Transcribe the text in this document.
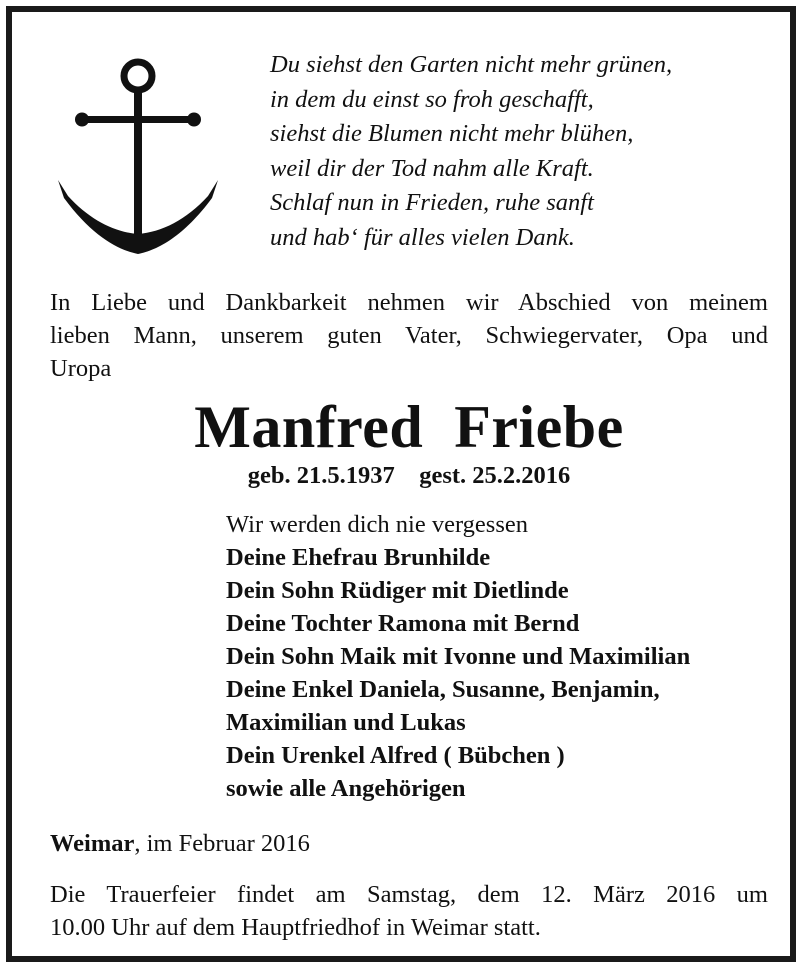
Du siehst den Garten nicht mehr grünen,
in dem du einst so froh geschafft,
siehst die Blumen nicht mehr blühen,
weil dir der Tod nahm alle Kraft.
Schlaf nun in Frieden, ruhe sanft
und hab‘ für alles vielen Dank.
In Liebe und Dankbarkeit nehmen wir Abschied von meinem
lieben Mann, unserem guten Vater, Schwiegervater, Opa und
Uropa
Manfred  Friebe
geb. 21.5.1937    gest. 25.2.2016
Wir werden dich nie vergessen
Deine Ehefrau Brunhilde
Dein Sohn Rüdiger mit Dietlinde
Deine Tochter Ramona mit Bernd
Dein Sohn Maik mit Ivonne und Maximilian
Deine Enkel Daniela, Susanne, Benjamin,
Maximilian und Lukas
Dein Urenkel Alfred ( Bübchen )
sowie alle Angehörigen
Weimar, im Februar 2016
Die Trauerfeier findet am Samstag, dem 12. März 2016 um
10.00 Uhr auf dem Hauptfriedhof in Weimar statt.
